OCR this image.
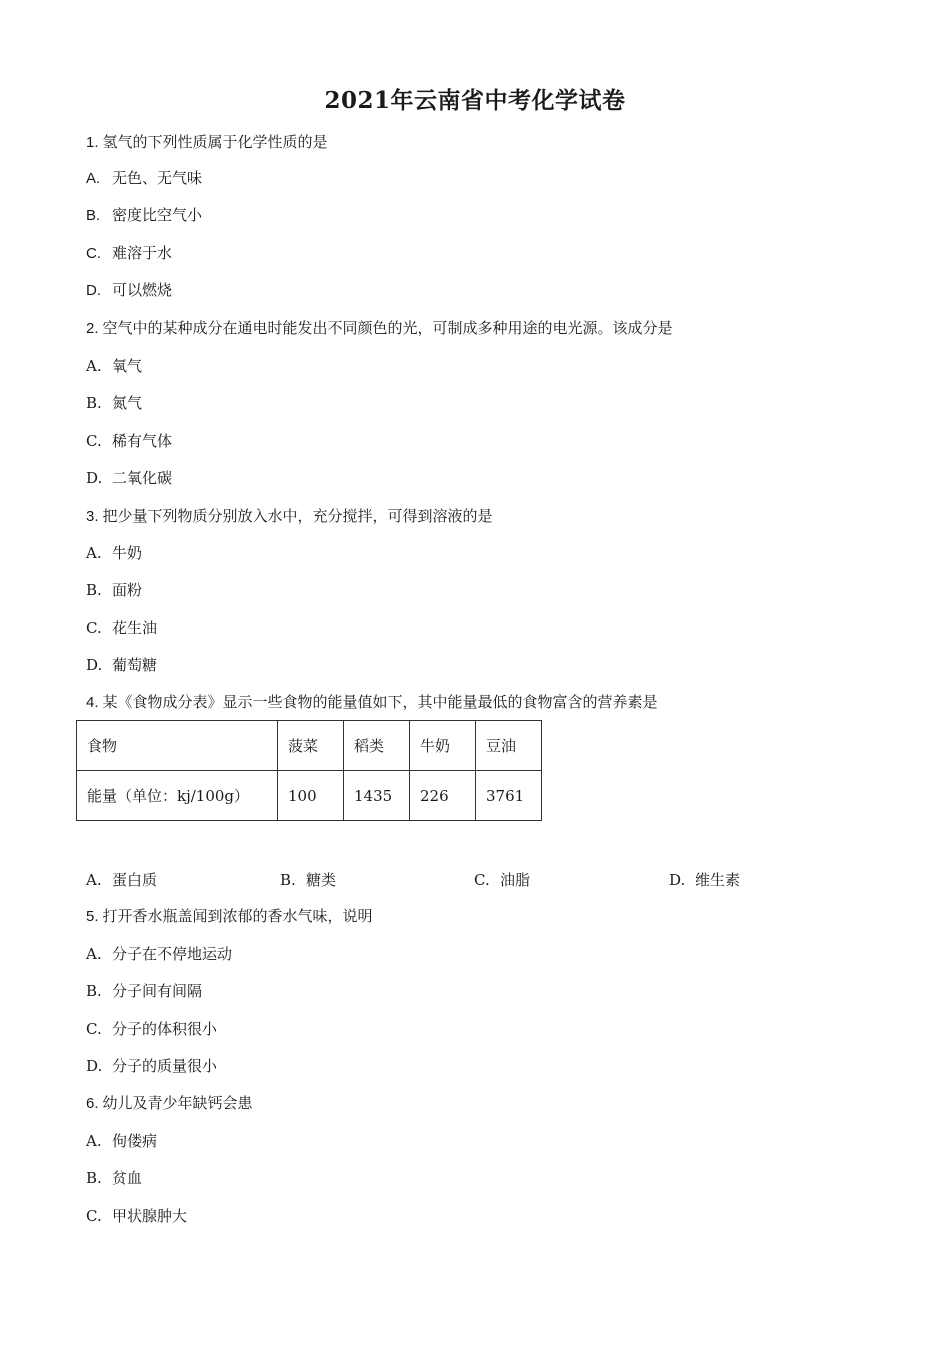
2021年云南省中考化学试卷
1. 氢气的下列性质属于化学性质的是
A. 无色、无气味
B. 密度比空气小
C. 难溶于水
D. 可以燃烧
2. 空气中的某种成分在通电时能发出不同颜色的光，可制成多种用途的电光源。该成分是
A. 氧气
B. 氮气
C. 稀有气体
D. 二氧化碳
3. 把少量下列物质分别放入水中，充分搅拌，可得到溶液的是
A. 牛奶
B. 面粉
C. 花生油
D. 葡萄糖
4. 某《食物成分表》显示一些食物的能量值如下，其中能量最低的食物富含的营养素是
食物	菠菜	稻类	牛奶	豆油
能量（单位：kj/100g）	100	1435	226	3761
A. 蛋白质	B. 糖类	C. 油脂	D. 维生素
5. 打开香水瓶盖闻到浓郁的香水气味，说明
A. 分子在不停地运动
B. 分子间有间隔
C. 分子的体积很小
D. 分子的质量很小
6. 幼儿及青少年缺钙会患
A. 佝偻病
B. 贫血
C. 甲状腺肿大
